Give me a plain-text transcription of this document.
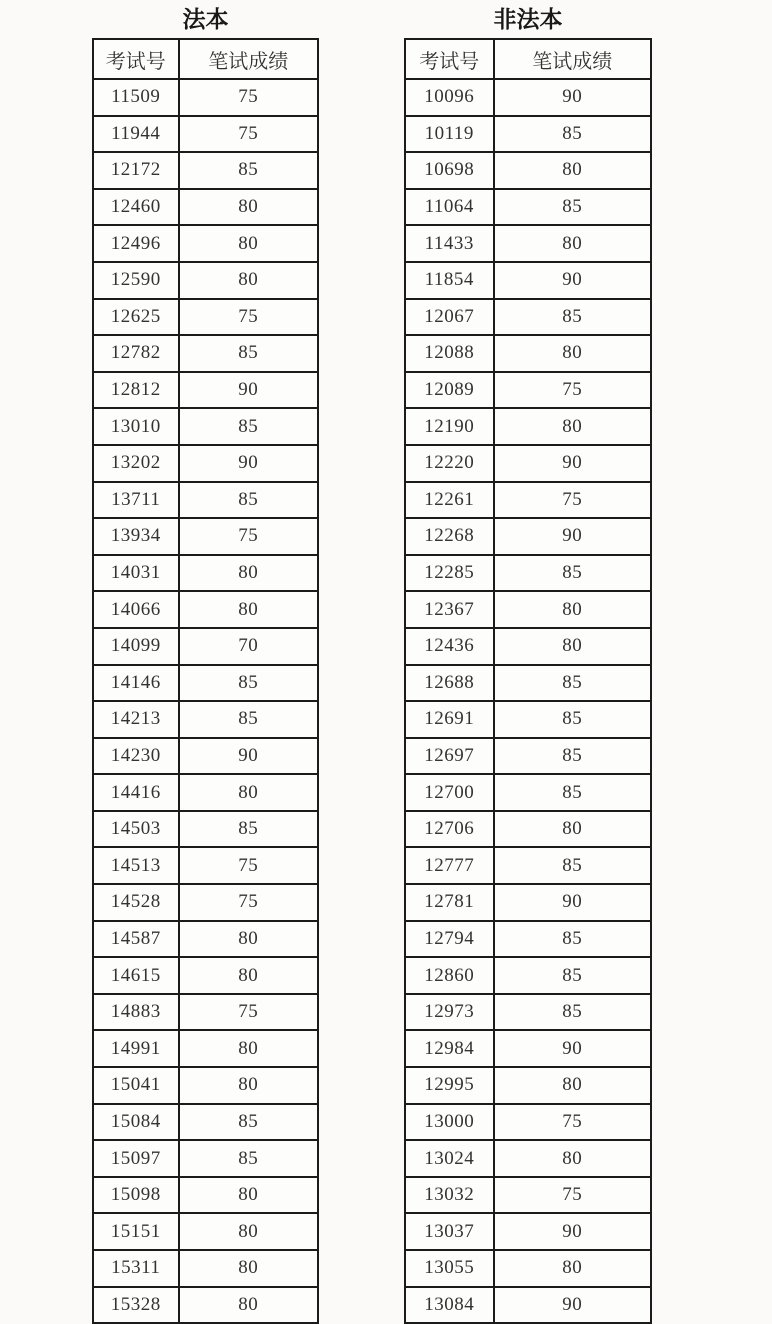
法本
考试号	笔试成绩
11509	75
11944	75
12172	85
12460	80
12496	80
12590	80
12625	75
12782	85
12812	90
13010	85
13202	90
13711	85
13934	75
14031	80
14066	80
14099	70
14146	85
14213	85
14230	90
14416	80
14503	85
14513	75
14528	75
14587	80
14615	80
14883	75
14991	80
15041	80
15084	85
15097	85
15098	80
15151	80
15311	80
15328	80
非法本
考试号	笔试成绩
10096	90
10119	85
10698	80
11064	85
11433	80
11854	90
12067	85
12088	80
12089	75
12190	80
12220	90
12261	75
12268	90
12285	85
12367	80
12436	80
12688	85
12691	85
12697	85
12700	85
12706	80
12777	85
12781	90
12794	85
12860	85
12973	85
12984	90
12995	80
13000	75
13024	80
13032	75
13037	90
13055	80
13084	90
